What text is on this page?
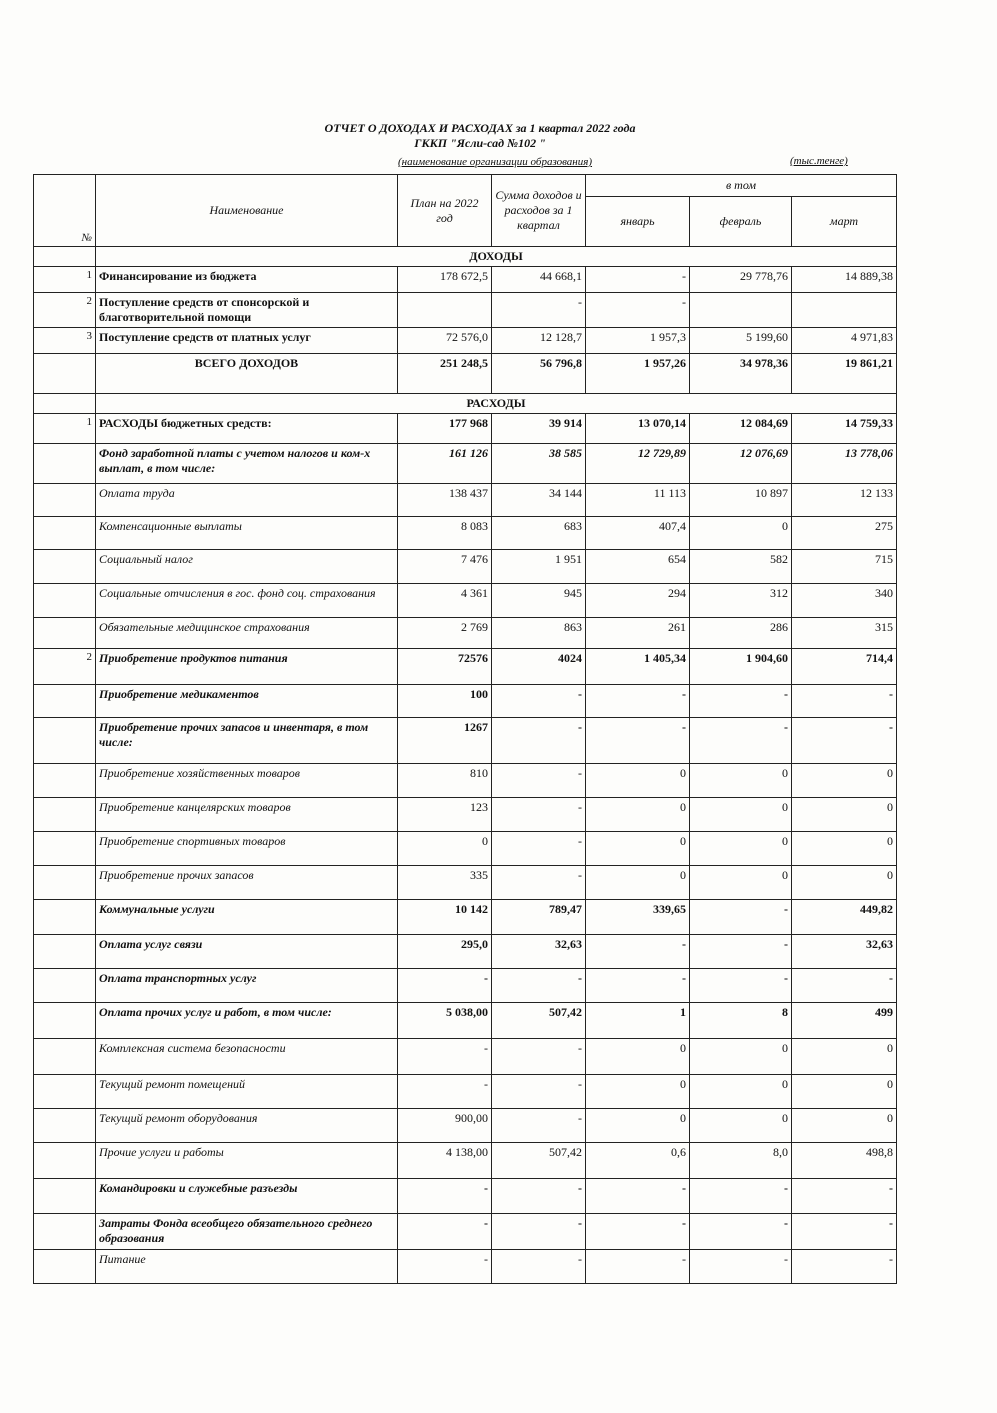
ОТЧЕТ О ДОХОДАХ И РАСХОДАХ за 1 квартал 2022 года
ГККП "Ясли-сад №102 "
(наименование организации образования)	(тыс.тенге)
№	Наименование	План на 2022 год	Сумма доходов и расходов за 1 квартал	в том		
				январь	февраль	март
	ДОХОДЫ					
1	Финансирование из бюджета	178 672,5	44 668,1	-	29 778,76	14 889,38
2	Поступление средств от спонсорской и благотворительной помощи		-	-		
3	Поступление средств от платных услуг	72 576,0	12 128,7	1 957,3	5 199,60	4 971,83
	ВСЕГО ДОХОДОВ	251 248,5	56 796,8	1 957,26	34 978,36	19 861,21
	РАСХОДЫ					
1	РАСХОДЫ бюджетных средств:	177 968	39 914	13 070,14	12 084,69	14 759,33
	Фонд заработной платы с учетом налогов и ком-х выплат, в том числе:	161 126	38 585	12 729,89	12 076,69	13 778,06
	Оплата труда	138 437	34 144	11 113	10 897	12 133
	Компенсационные выплаты	8 083	683	407,4	0	275
	Социальный налог	7 476	1 951	654	582	715
	Социальные отчисления в гос. фонд соц. страхования	4 361	945	294	312	340
	Обязательные медицинское страхования	2 769	863	261	286	315
2	Приобретение продуктов питания	72576	4024	1 405,34	1 904,60	714,4
	Приобретение медикаментов	100	-	-	-	-
	Приобретение прочих запасов и инвентаря, в том числе:	1267	-	-	-	-
	Приобретение хозяйственных товаров	810	-	0	0	0
	Приобретение канцелярских товаров	123	-	0	0	0
	Приобретение спортивных товаров	0	-	0	0	0
	Приобретение прочих запасов	335	-	0	0	0
	Коммунальные услуги	10 142	789,47	339,65	-	449,82
	Оплата услуг связи	295,0	32,63	-	-	32,63
	Оплата транспортных услуг	-	-	-	-	-
	Оплата прочих услуг и работ, в том числе:	5 038,00	507,42	1	8	499
	Комплексная система безопасности	-	-	0	0	0
	Текущий ремонт помещений	-	-	0	0	0
	Текущий ремонт оборудования	900,00	-	0	0	0
	Прочие услуги и работы	4 138,00	507,42	0,6	8,0	498,8
	Командировки и служебные разъезды	-	-	-	-	-
	Затраты Фонда всеобщего обязательного среднего образования	-	-	-	-	-
	Питание	-	-	-	-	-
